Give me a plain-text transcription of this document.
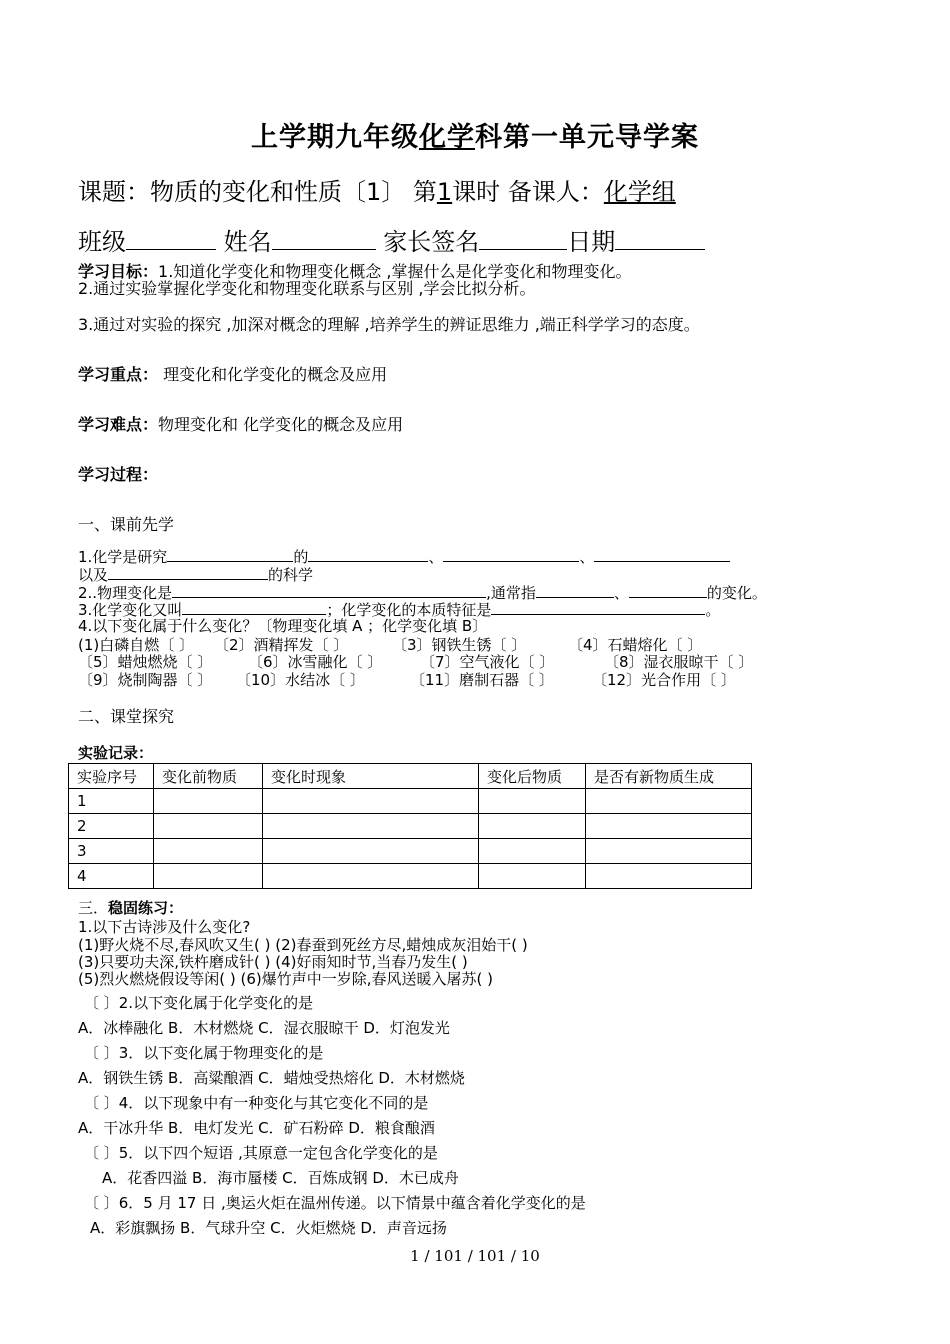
上学期九年级化学科第一单元导学案
课题：物质的变化和性质〔1〕 第1课时 备课人：化学组
班级	姓名	家长签名	日期
学习目标：1.知道化学变化和物理变化概念 ,掌握什么是化学变化和物理变化。
2.通过实验掌握化学变化和物理变化联系与区别 ,学会比拟分析。
3.通过对实验的探究 ,加深对概念的理解 ,培养学生的辨证思维力 ,端正科学学习的态度。
学习重点： 理变化和化学变化的概念及应用
学习难点：物理变化和 化学变化的概念及应用
学习过程：
一、课前先学
1.化学是研究	的	、	、
以及	的科学
2..物理变化是	,通常指	、	的变化。
3.化学变化又叫	；化学变化的本质特征是	。
4.以下变化属于什么变化？〔物理变化填 A ；化学变化填 B〕
(1)白磷自燃〔 〕 〔2〕酒精挥发〔 〕	〔3〕钢铁生锈〔 〕	〔4〕石蜡熔化〔 〕
〔5〕蜡烛燃烧〔 〕 〔6〕冰雪融化〔 〕	〔7〕空气液化〔 〕	〔8〕湿衣服晾干〔 〕
〔9〕烧制陶器〔 〕 〔10〕水结冰〔 〕	〔11〕磨制石器〔 〕	〔12〕光合作用〔 〕
二、课堂探究
实验记录：
实验序号	变化前物质	变化时现象	变化后物质	是否有新物质生成
1				
2				
3				
4				
三．稳固练习：
1.以下古诗涉及什么变化?
(1)野火烧不尽,春风吹又生( ) (2)春蚕到死丝方尽,蜡烛成灰泪始干( )
(3)只要功夫深,铁杵磨成针( ) (4)好雨知时节,当春乃发生( )
(5)烈火燃烧假设等闲( ) (6)爆竹声中一岁除,春风送暖入屠苏( )
〔 〕2.以下变化属于化学变化的是
A．冰棒融化 B．木材燃烧 C．湿衣服晾干 D．灯泡发光
〔 〕3．以下变化属于物理变化的是
A．钢铁生锈 B．高粱酿酒 C．蜡烛受热熔化 D．木材燃烧
〔 〕4．以下现象中有一种变化与其它变化不同的是
A．干冰升华 B．电灯发光 C．矿石粉碎 D．粮食酿酒
〔 〕5．以下四个短语 ,其原意一定包含化学变化的是
A．花香四溢 B．海市蜃楼 C．百炼成钢 D．木已成舟
〔 〕6．5 月 17 日 ,奥运火炬在温州传递。以下情景中蕴含着化学变化的是
A．彩旗飘扬 B．气球升空 C．火炬燃烧 D．声音远扬
1 / 101 / 101 / 10
